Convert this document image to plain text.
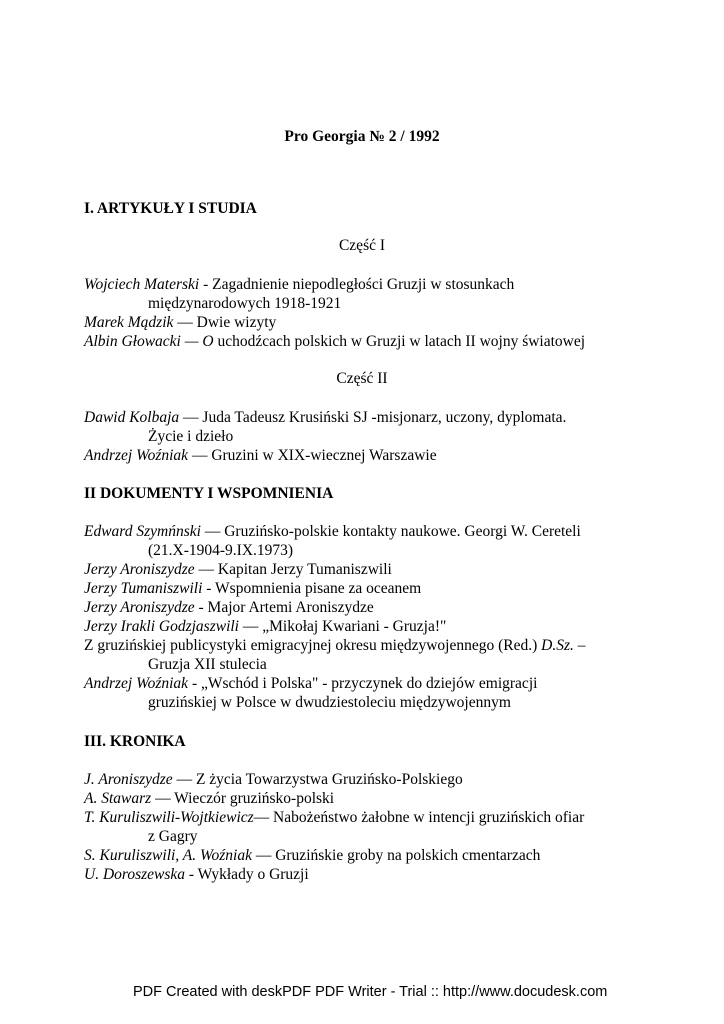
Pro Georgia № 2 / 1992
I. ARTYKUŁY I STUDIA
Część I
Wojciech Materski - Zagadnienie niepodległości Gruzji w stosunkach
międzynarodowych 1918-1921
Marek Mądzik — Dwie wizyty
Albin Głowacki — O uchodźcach polskich w Gruzji w latach II wojny światowej
Część II
Dawid Kolbaja — Juda Tadeusz Krusiński SJ -misjonarz, uczony, dyplomata.
Życie i dzieło
Andrzej Woźniak — Gruzini w XIX-wiecznej Warszawie
II DOKUMENTY I WSPOMNIENIA
Edward Szymńnski — Gruzińsko-polskie kontakty naukowe. Georgi W. Cereteli
(21.X-1904-9.IX.1973)
Jerzy Aroniszydze — Kapitan Jerzy Tumaniszwili
Jerzy Tumaniszwili - Wspomnienia pisane za oceanem
Jerzy Aroniszydze - Major Artemi Aroniszydze
Jerzy Irakli Godzjaszwili — „Mikołaj Kwariani - Gruzja!"
Z gruzińskiej publicystyki emigracyjnej okresu międzywojennego (Red.) D.Sz. –
Gruzja XII stulecia
Andrzej Woźniak - „Wschód i Polska" - przyczynek do dziejów emigracji
gruzińskiej w Polsce w dwudziestoleciu międzywojennym
III. KRONIKA
J. Aroniszydze — Z życia Towarzystwa Gruzińsko-Polskiego
A. Stawarz — Wieczór gruzińsko-polski
T. Kuruliszwili-Wojtkiewicz— Nabożeństwo żałobne w intencji gruzińskich ofiar
z Gagry
S. Kuruliszwili, A. Woźniak — Gruzińskie groby na polskich cmentarzach
U. Doroszewska - Wykłady o Gruzji
PDF Created with deskPDF PDF Writer - Trial :: http://www.docudesk.com
